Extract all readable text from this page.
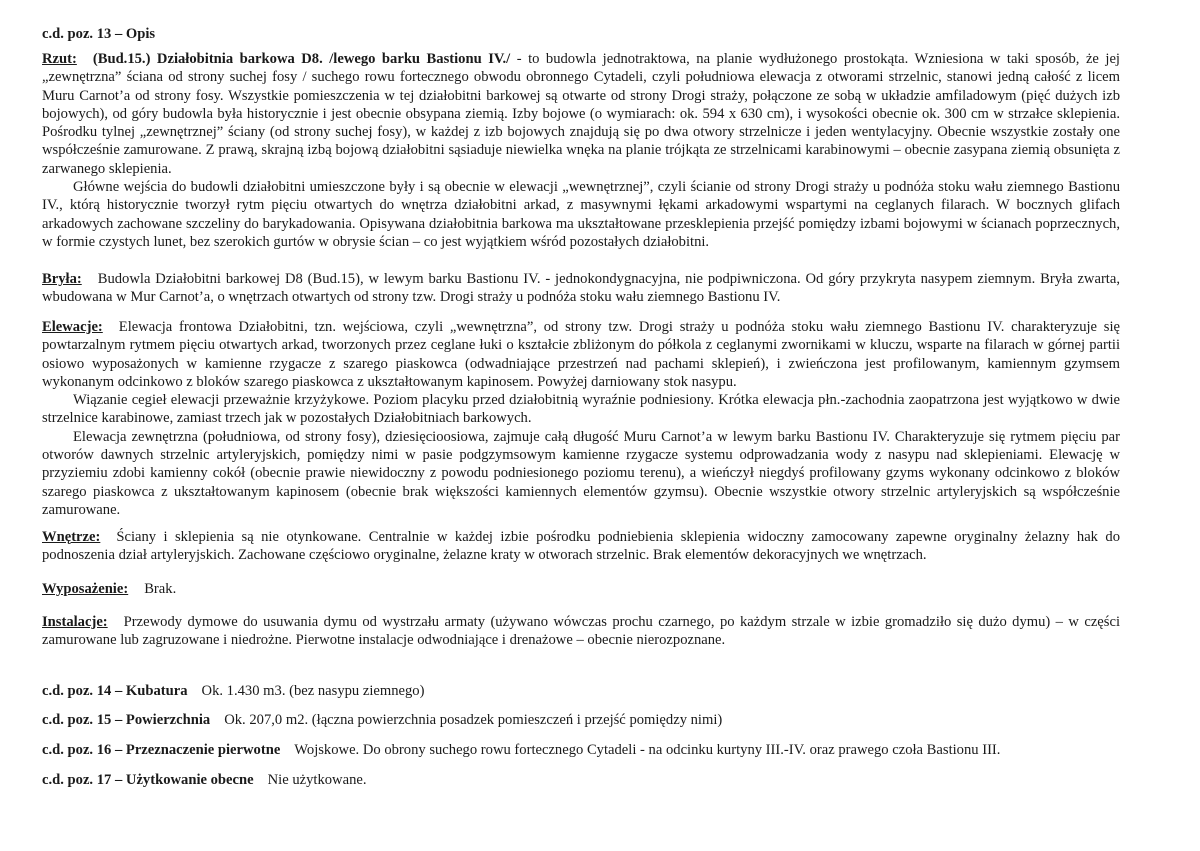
c.d. poz. 13 – Opis

Rzut: (Bud.15.) Działobitnia barkowa D8. /lewego barku Bastionu IV./ - to budowla jednotraktowa, na planie wydłużonego prostokąta. Wzniesiona w taki sposób, że jej „zewnętrzna” ściana od strony suchej fosy / suchego rowu fortecznego obwodu obronnego Cytadeli, czyli południowa elewacja z otworami strzelnic, stanowi jedną całość z licem Muru Carnot’a od strony fosy. Wszystkie pomieszczenia w tej działobitni barkowej są otwarte od strony Drogi straży, połączone ze sobą w układzie amfiladowym (pięć dużych izb bojowych), od góry budowla była historycznie i jest obecnie obsypana ziemią. Izby bojowe (o wymiarach: ok. 594 x 630 cm), i wysokości obecnie ok. 300 cm w strzałce sklepienia. Pośrodku tylnej „zewnętrznej” ściany (od strony suchej fosy), w każdej z izb bojowych znajdują się po dwa otwory strzelnicze i jeden wentylacyjny. Obecnie wszystkie zostały one współcześnie zamurowane. Z prawą, skrajną izbą bojową działobitni sąsiaduje niewielka wnęka na planie trójkąta ze strzelnicami karabinowymi – obecnie zasypana ziemią obsunięta z zarwanego sklepienia.

Główne wejścia do budowli działobitni umieszczone były i są obecnie w elewacji „wewnętrznej”, czyli ścianie od strony Drogi straży u podnóża stoku wału ziemnego Bastionu IV., którą historycznie tworzył rytm pięciu otwartych do wnętrza działobitni arkad, z masywnymi łękami arkadowymi wspartymi na ceglanych filarach. W bocznych glifach arkadowych zachowane szczeliny do barykadowania. Opisywana działobitnia barkowa ma ukształtowane przesklepienia przejść pomiędzy izbami bojowymi w ścianach poprzecznych, w formie czystych lunet, bez szerokich gurtów w obrysie ścian – co jest wyjątkiem wśród pozostałych działobitni.

Bryła: Budowla Działobitni barkowej D8 (Bud.15), w lewym barku Bastionu IV. - jednokondygnacyjna, nie podpiwniczona. Od góry przykryta nasypem ziemnym. Bryła zwarta, wbudowana w Mur Carnot’a, o wnętrzach otwartych od strony tzw. Drogi straży u podnóża stoku wału ziemnego Bastionu IV.

Elewacje: Elewacja frontowa Działobitni, tzn. wejściowa, czyli „wewnętrzna”, od strony tzw. Drogi straży u podnóża stoku wału ziemnego Bastionu IV. charakteryzuje się powtarzalnym rytmem pięciu otwartych arkad, tworzonych przez ceglane łuki o kształcie zbliżonym do półkola z ceglanymi zwornikami w kluczu, wsparte na filarach w górnej partii osiowo wyposażonych w kamienne rzygacze z szarego piaskowca (odwadniające przestrzeń nad pachami sklepień), i zwieńczona jest profilowanym, kamiennym gzymsem wykonanym odcinkowo z bloków szarego piaskowca z ukształtowanym kapinosem. Powyżej darniowany stok nasypu.

Wiązanie cegieł elewacji przeważnie krzyżykowe. Poziom placyku przed działobitnią wyraźnie podniesiony. Krótka elewacja płn.-zachodnia zaopatrzona jest wyjątkowo w dwie strzelnice karabinowe, zamiast trzech jak w pozostałych Działobitniach barkowych.

Elewacja zewnętrzna (południowa, od strony fosy), dziesięcioosiowa, zajmuje całą długość Muru Carnot’a w lewym barku Bastionu IV. Charakteryzuje się rytmem pięciu par otworów dawnych strzelnic artyleryjskich, pomiędzy nimi w pasie podgzymsowym kamienne rzygacze systemu odprowadzania wody z nasypu nad sklepieniami. Elewację w przyziemiu zdobi kamienny cokół (obecnie prawie niewidoczny z powodu podniesionego poziomu terenu), a wieńczył niegdyś profilowany gzyms wykonany odcinkowo z bloków szarego piaskowca z ukształtowanym kapinosem (obecnie brak większości kamiennych elementów gzymsu). Obecnie wszystkie otwory strzelnic artyleryjskich są współcześnie zamurowane.

Wnętrze: Ściany i sklepienia są nie otynkowane. Centralnie w każdej izbie pośrodku podniebienia sklepienia widoczny zamocowany zapewne oryginalny żelazny hak do podnoszenia dział artyleryjskich. Zachowane częściowo oryginalne, żelazne kraty w otworach strzelnic. Brak elementów dekoracyjnych we wnętrzach.

Wyposażenie: Brak.

Instalacje: Przewody dymowe do usuwania dymu od wystrzału armaty (używano wówczas prochu czarnego, po każdym strzale w izbie gromadziło się dużo dymu) – w części zamurowane lub zagruzowane i niedrożne. Pierwotne instalacje odwodniające i drenażowe – obecnie nierozpoznane.

c.d. poz. 14 – Kubatura Ok. 1.430 m3. (bez nasypu ziemnego)
c.d. poz. 15 – Powierzchnia Ok. 207,0 m2. (łączna powierzchnia posadzek pomieszczeń i przejść pomiędzy nimi)
c.d. poz. 16 – Przeznaczenie pierwotne Wojskowe. Do obrony suchego rowu fortecznego Cytadeli - na odcinku kurtyny III.-IV. oraz prawego czoła Bastionu III.
c.d. poz. 17 – Użytkowanie obecne Nie użytkowane.
